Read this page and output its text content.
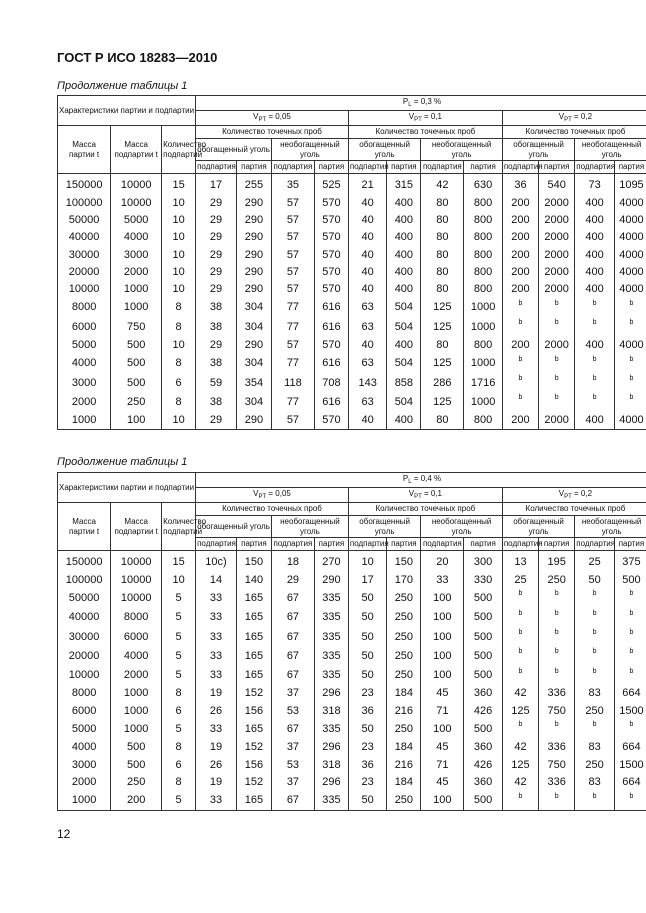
ГОСТ Р ИСО 18283—2010
Продолжение таблицы 1
Характеристики партии и подпартии			$P_L = 0,3$ %											
			$V_{PT} = 0,05$				$V_{PT} = 0,1$				$V_{PT} = 0,2$			
Масса партии t	Масса подпартии t	Количество подпартий	Количество точечных проб				Количество точечных проб				Количество точечных проб			
			обогащенный уголь		необогащенный уголь		обогащенный уголь		необогащенный уголь		обогащенный уголь		необогащенный уголь	
			подпартия	партия	подпартия	партия	подпартия	партия	подпартия	партия	подпартия	партия	подпартия	партия
150000	10000	15	17	255	35	525	21	315	42	630	36	540	73	1095
100000	10000	10	29	290	57	570	40	400	80	800	200	2000	400	4000
50000	5000	10	29	290	57	570	40	400	80	800	200	2000	400	4000
40000	4000	10	29	290	57	570	40	400	80	800	200	2000	400	4000
30000	3000	10	29	290	57	570	40	400	80	800	200	2000	400	4000
20000	2000	10	29	290	57	570	40	400	80	800	200	2000	400	4000
10000	1000	10	29	290	57	570	40	400	80	800	200	2000	400	4000
8000	1000	8	38	304	77	616	63	504	125	1000	b	b	b	b
6000	750	8	38	304	77	616	63	504	125	1000	b	b	b	b
5000	500	10	29	290	57	570	40	400	80	800	200	2000	400	4000
4000	500	8	38	304	77	616	63	504	125	1000	b	b	b	b
3000	500	6	59	354	118	708	143	858	286	1716	b	b	b	b
2000	250	8	38	304	77	616	63	504	125	1000	b	b	b	b
1000	100	10	29	290	57	570	40	400	80	800	200	2000	400	4000
Продолжение таблицы 1
Характеристики партии и подпартии			$P_L = 0,4$ %											
			$V_{PT} = 0,05$				$V_{PT} = 0,1$				$V_{PT} = 0,2$			
Масса партии t	Масса подпартии t	Количество подпартий	Количество точечных проб				Количество точечных проб				Количество точечных проб			
			обогащенный уголь		необогащенный уголь		обогащенный уголь		необогащенный уголь		обогащенный уголь		необогащенный уголь	
			подпартия	партия	подпартия	партия	подпартия	партия	подпартия	партия	подпартия	партия	подпартия	партия
150000	10000	15	10c)	150	18	270	10	150	20	300	13	195	25	375
100000	10000	10	14	140	29	290	17	170	33	330	25	250	50	500
50000	10000	5	33	165	67	335	50	250	100	500	b	b	b	b
40000	8000	5	33	165	67	335	50	250	100	500	b	b	b	b
30000	6000	5	33	165	67	335	50	250	100	500	b	b	b	b
20000	4000	5	33	165	67	335	50	250	100	500	b	b	b	b
10000	2000	5	33	165	67	335	50	250	100	500	b	b	b	b
8000	1000	8	19	152	37	296	23	184	45	360	42	336	83	664
6000	1000	6	26	156	53	318	36	216	71	426	125	750	250	1500
5000	1000	5	33	165	67	335	50	250	100	500	b	b	b	b
4000	500	8	19	152	37	296	23	184	45	360	42	336	83	664
3000	500	6	26	156	53	318	36	216	71	426	125	750	250	1500
2000	250	8	19	152	37	296	23	184	45	360	42	336	83	664
1000	200	5	33	165	67	335	50	250	100	500	b	b	b	b
12
